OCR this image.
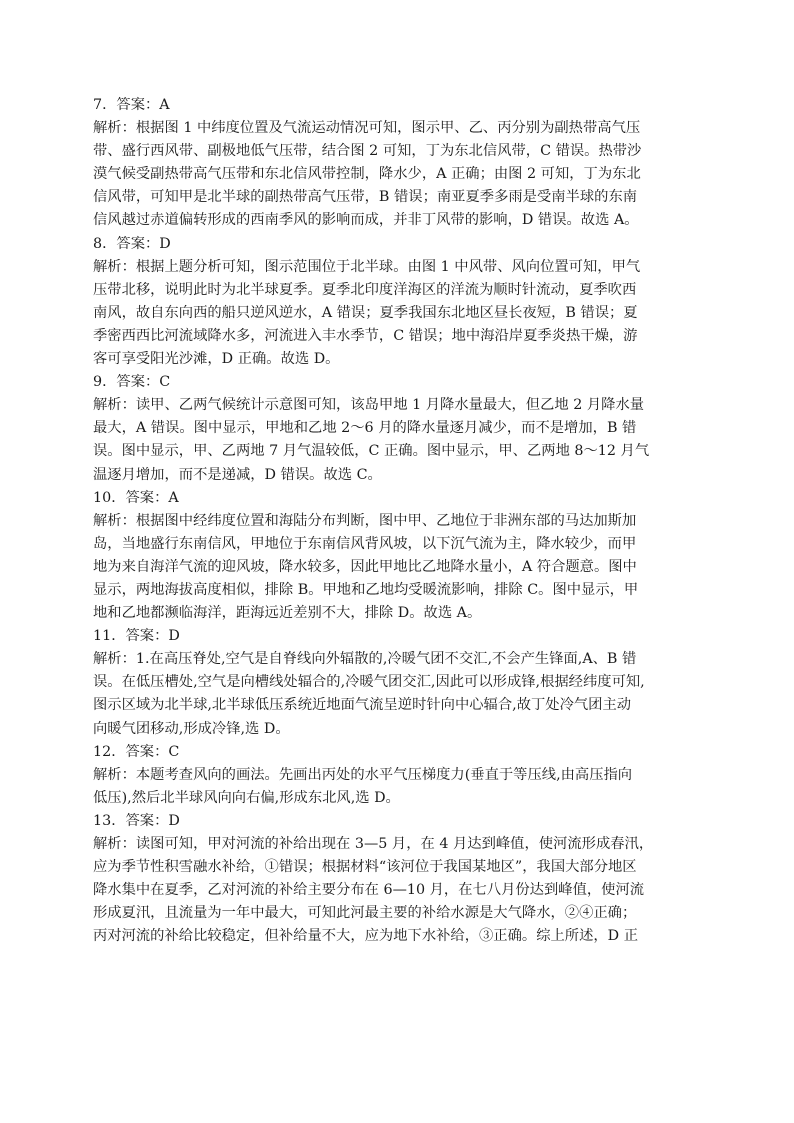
7．答案：A

解析：根据图 1 中纬度位置及气流运动情况可知，图示甲、乙、丙分别为副热带高气压

带、盛行西风带、副极地低气压带，结合图 2 可知，丁为东北信风带，C 错误。热带沙

漠气候受副热带高气压带和东北信风带控制，降水少，A 正确；由图 2 可知，丁为东北

信风带，可知甲是北半球的副热带高气压带，B 错误；南亚夏季多雨是受南半球的东南

信风越过赤道偏转形成的西南季风的影响而成，并非丁风带的影响，D 错误。故选 A。

8．答案：D

解析：根据上题分析可知，图示范围位于北半球。由图 1 中风带、风向位置可知，甲气

压带北移，说明此时为北半球夏季。夏季北印度洋海区的洋流为顺时针流动，夏季吹西

南风，故自东向西的船只逆风逆水，A 错误；夏季我国东北地区昼长夜短，B 错误；夏

季密西西比河流域降水多，河流进入丰水季节，C 错误；地中海沿岸夏季炎热干燥，游

客可享受阳光沙滩，D 正确。故选 D。

9．答案：C

解析：读甲、乙两气候统计示意图可知，该岛甲地 1 月降水量最大，但乙地 2 月降水量

最大，A 错误。图中显示，甲地和乙地 2～6 月的降水量逐月减少，而不是增加，B 错

误。图中显示，甲、乙两地 7 月气温较低，C 正确。图中显示，甲、乙两地 8～12 月气

温逐月增加，而不是递减，D 错误。故选 C。

10．答案：A

解析：根据图中经纬度位置和海陆分布判断，图中甲、乙地位于非洲东部的马达加斯加

岛，当地盛行东南信风，甲地位于东南信风背风坡，以下沉气流为主，降水较少，而甲

地为来自海洋气流的迎风坡，降水较多，因此甲地比乙地降水量小，A 符合题意。图中

显示，两地海拔高度相似，排除 B。甲地和乙地均受暖流影响，排除 C。图中显示，甲

地和乙地都濒临海洋，距海远近差别不大，排除 D。故选 A。

11．答案：D

解析：1.在高压脊处,空气是自脊线向外辐散的,冷暖气团不交汇,不会产生锋面,A、B 错

误。在低压槽处,空气是向槽线处辐合的,冷暖气团交汇,因此可以形成锋,根据经纬度可知,

图示区域为北半球,北半球低压系统近地面气流呈逆时针向中心辐合,故丁处冷气团主动

向暖气团移动,形成冷锋,选 D。

12．答案：C

解析：本题考查风向的画法。先画出丙处的水平气压梯度力(垂直于等压线,由高压指向

低压),然后北半球风向向右偏,形成东北风,选 D。

13．答案：D

解析：读图可知，甲对河流的补给出现在 3—5 月，在 4 月达到峰值，使河流形成春汛，

应为季节性积雪融水补给，①错误；根据材料“该河位于我国某地区”，我国大部分地区

降水集中在夏季，乙对河流的补给主要分布在 6—10 月，在七八月份达到峰值，使河流

形成夏汛，且流量为一年中最大，可知此河最主要的补给水源是大气降水，②④正确；

丙对河流的补给比较稳定，但补给量不大，应为地下水补给，③正确。综上所述，D 正
